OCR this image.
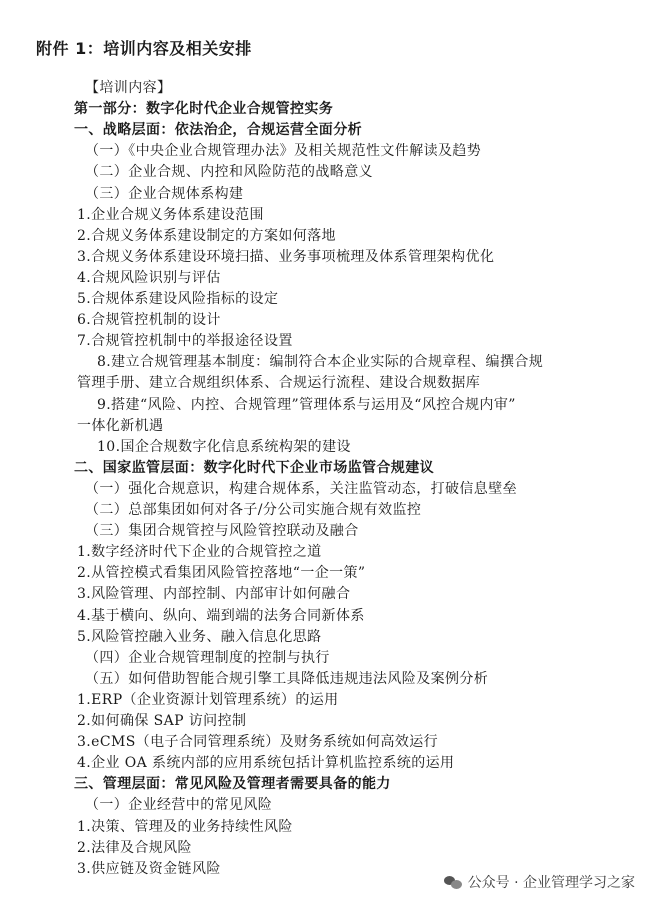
附件 1：培训内容及相关安排
【培训内容】
第一部分：数字化时代企业合规管控实务
一、战略层面：依法治企，合规运营全面分析
（一）《中央企业合规管理办法》及相关规范性文件解读及趋势
（二）企业合规、内控和风险防范的战略意义
（三）企业合规体系构建
1.企业合规义务体系建设范围
2.合规义务体系建设制定的方案如何落地
3.合规义务体系建设环境扫描、业务事项梳理及体系管理架构优化
4.合规风险识别与评估
5.合规体系建设风险指标的设定
6.合规管控机制的设计
7.合规管控机制中的举报途径设置
8.建立合规管理基本制度：编制符合本企业实际的合规章程、编撰合规
管理手册、建立合规组织体系、合规运行流程、建设合规数据库
9.搭建“风险、内控、合规管理”管理体系与运用及“风控合规内审”
一体化新机遇
10.国企合规数字化信息系统构架的建设
二、国家监管层面：数字化时代下企业市场监管合规建议
（一）强化合规意识，构建合规体系，关注监管动态，打破信息壁垒
（二）总部集团如何对各子/分公司实施合规有效监控
（三）集团合规管控与风险管控联动及融合
1.数字经济时代下企业的合规管控之道
2.从管控模式看集团风险管控落地“一企一策”
3.风险管理、内部控制、内部审计如何融合
4.基于横向、纵向、端到端的法务合同新体系
5.风险管控融入业务、融入信息化思路
（四）企业合规管理制度的控制与执行
（五）如何借助智能合规引擎工具降低违规违法风险及案例分析
1.ERP（企业资源计划管理系统）的运用
2.如何确保 SAP 访问控制
3.eCMS（电子合同管理系统）及财务系统如何高效运行
4.企业 OA 系统内部的应用系统包括计算机监控系统的运用
三、管理层面：常见风险及管理者需要具备的能力
（一）企业经营中的常见风险
1.决策、管理及的业务持续性风险
2.法律及合规风险
3.供应链及资金链风险
公众号 · 企业管理学习之家
